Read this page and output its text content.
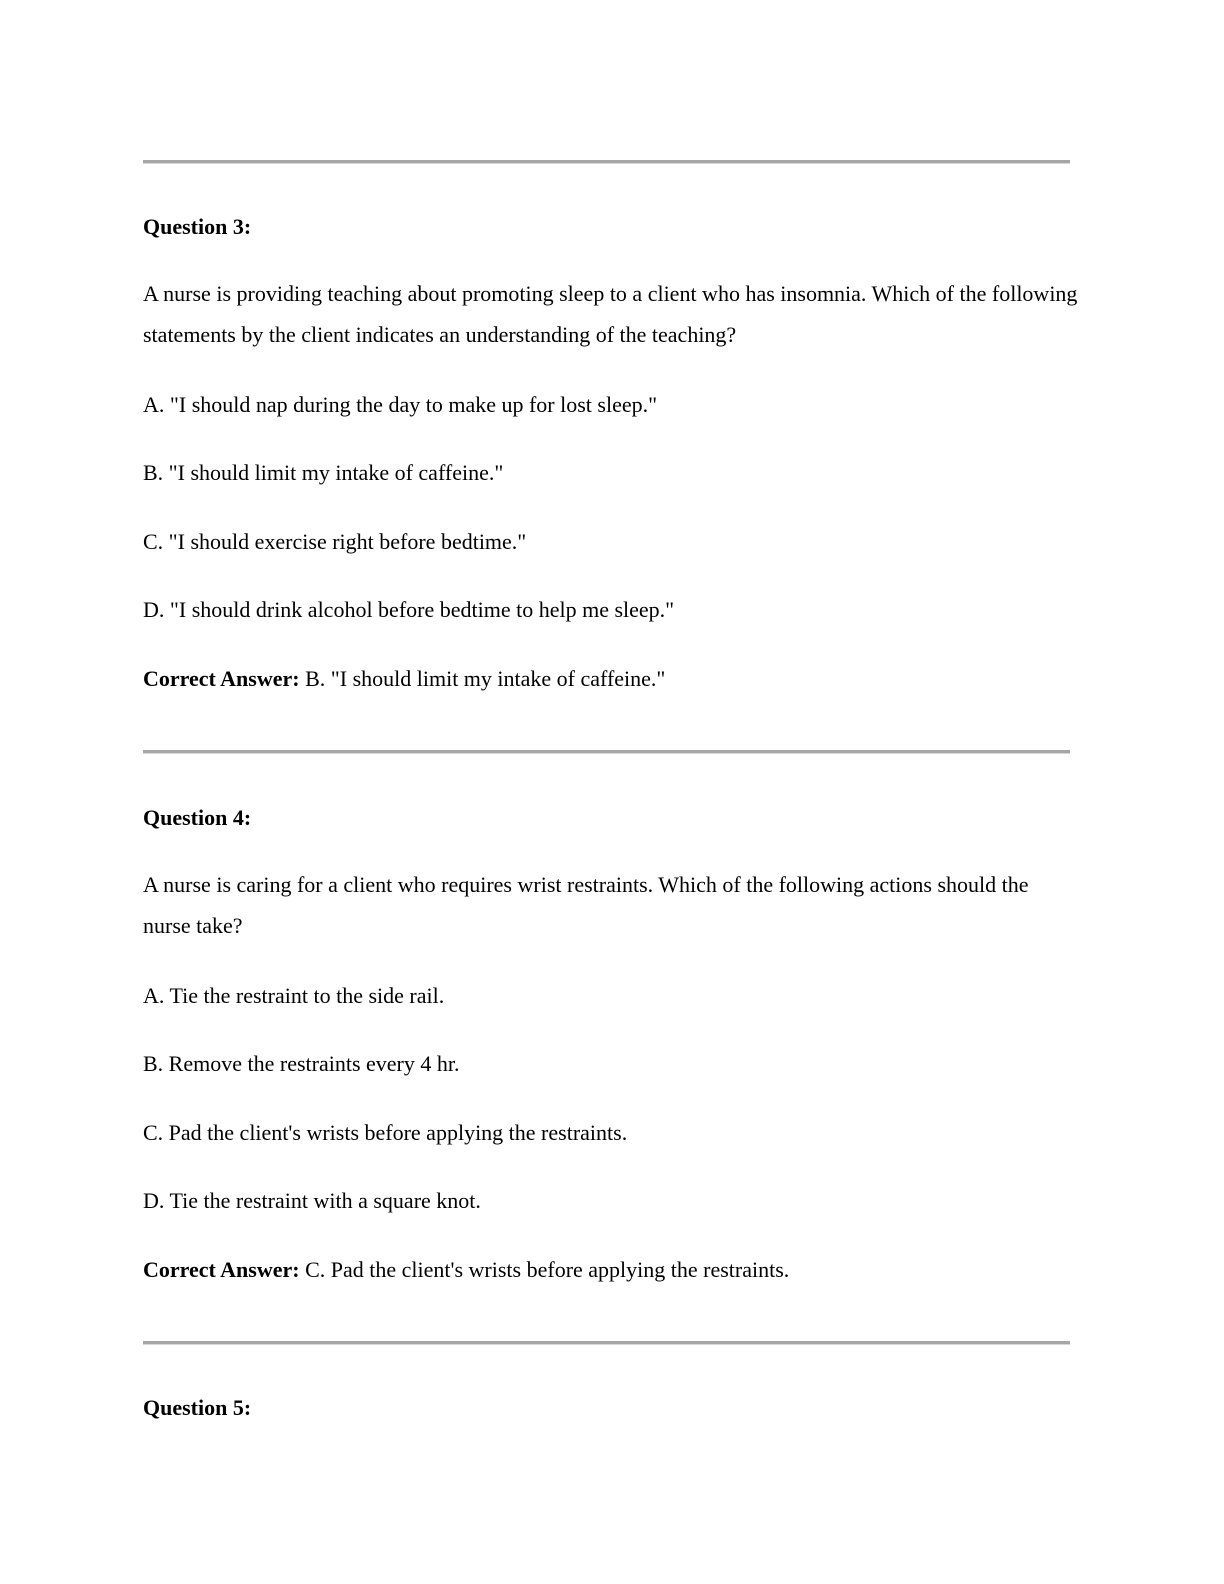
Question 3:
A nurse is providing teaching about promoting sleep to a client who has insomnia. Which of the following statements by the client indicates an understanding of the teaching?
A. "I should nap during the day to make up for lost sleep."
B. "I should limit my intake of caffeine."
C. "I should exercise right before bedtime."
D. "I should drink alcohol before bedtime to help me sleep."
Correct Answer: B. "I should limit my intake of caffeine."
Question 4:
A nurse is caring for a client who requires wrist restraints. Which of the following actions should the nurse take?
A. Tie the restraint to the side rail.
B. Remove the restraints every 4 hr.
C. Pad the client's wrists before applying the restraints.
D. Tie the restraint with a square knot.
Correct Answer: C. Pad the client's wrists before applying the restraints.
Question 5:
